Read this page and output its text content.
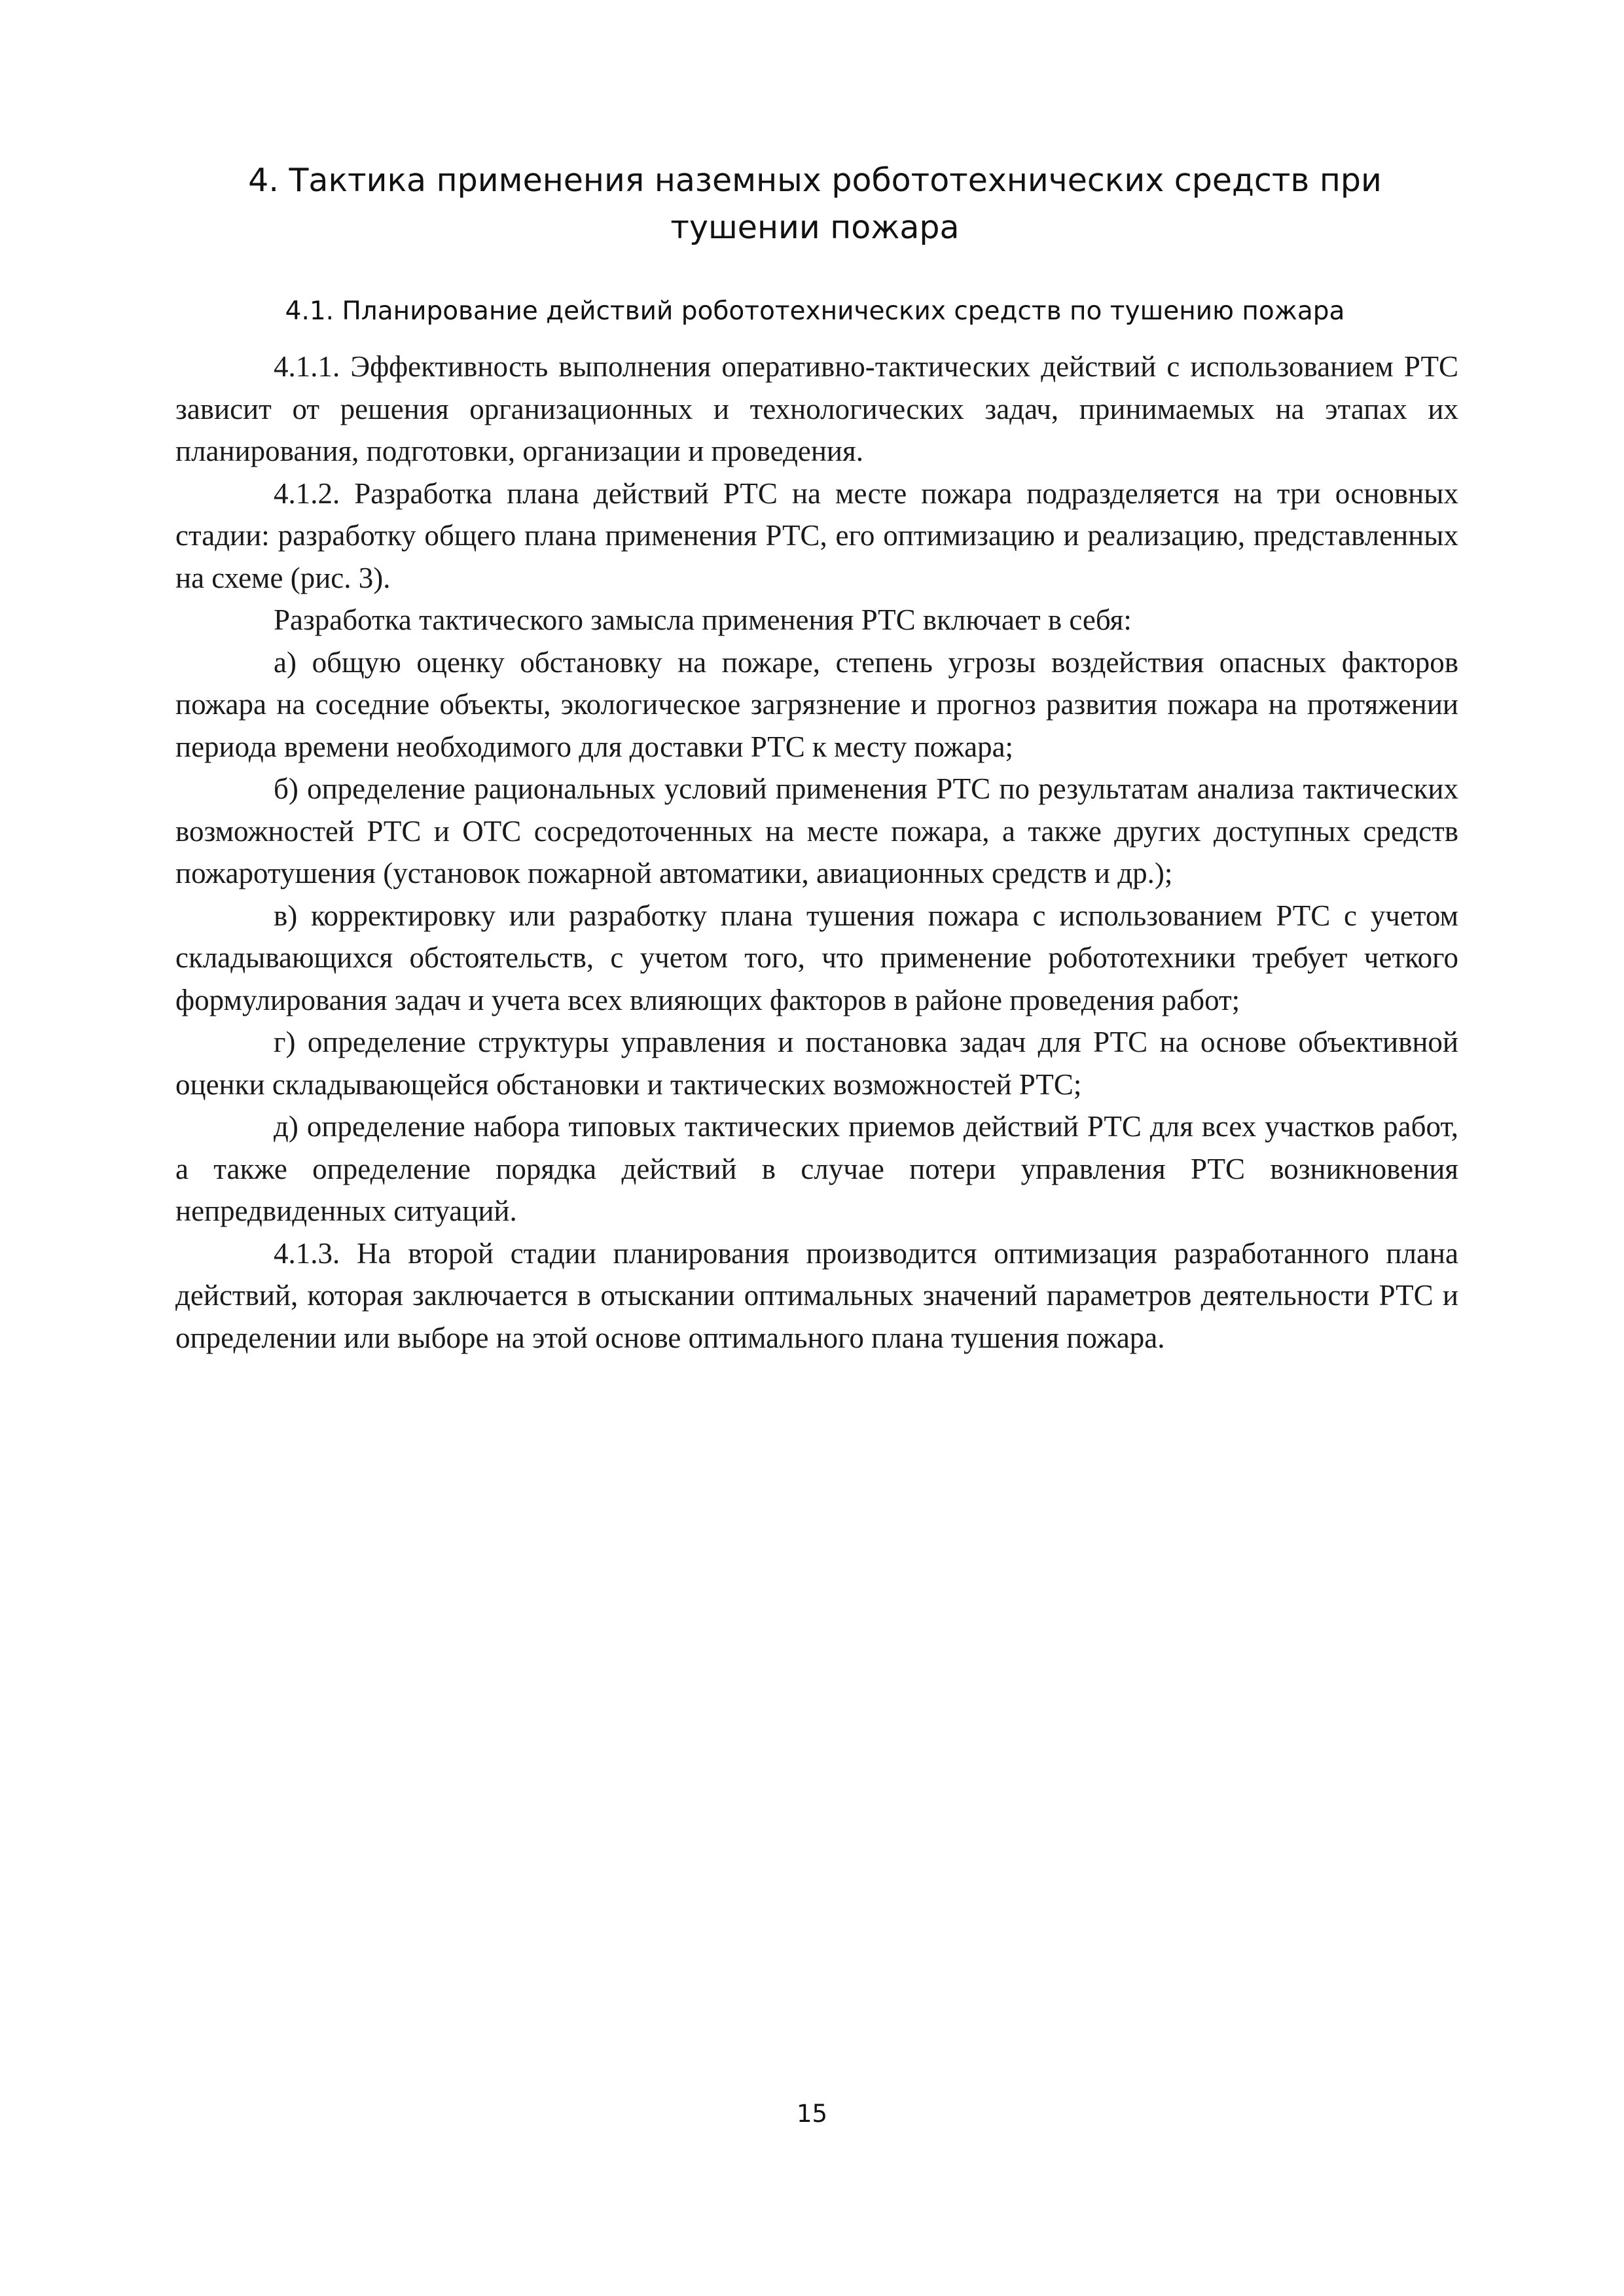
4. Тактика применения наземных робототехнических средств при тушении пожара
4.1. Планирование действий робототехнических средств по тушению пожара

4.1.1. Эффективность выполнения оперативно-тактических действий с использованием РТС зависит от решения организационных и технологических задач, принимаемых на этапах их планирования, подготовки, организации и проведения.

4.1.2. Разработка плана действий РТС на месте пожара подразделяется на три основных стадии: разработку общего плана применения РТС, его оптимизацию и реализацию, представленных на схеме (рис. 3).

Разработка тактического замысла применения РТС включает в себя:

а) общую оценку обстановку на пожаре, степень угрозы воздействия опасных факторов пожара на соседние объекты, экологическое загрязнение и прогноз развития пожара на протяжении периода времени необходимого для доставки РТС к месту пожара;

б) определение рациональных условий применения РТС по результатам анализа тактических возможностей РТС и ОТС сосредоточенных на месте пожара, а также других доступных средств пожаротушения (установок пожарной автоматики, авиационных средств и др.);

в) корректировку или разработку плана тушения пожара с использованием РТС с учетом складывающихся обстоятельств, с учетом того, что применение робототехники требует четкого формулирования задач и учета всех влияющих факторов в районе проведения работ;

г) определение структуры управления и постановка задач для РТС на основе объективной оценки складывающейся обстановки и тактических возможностей РТС;

д) определение набора типовых тактических приемов действий РТС для всех участков работ, а также определение порядка действий в случае потери управления РТС возникновения непредвиденных ситуаций.

4.1.3. На второй стадии планирования производится оптимизация разработанного плана действий, которая заключается в отыскании оптимальных значений параметров деятельности РТС и определении или выборе на этой основе оптимального плана тушения пожара.

15
